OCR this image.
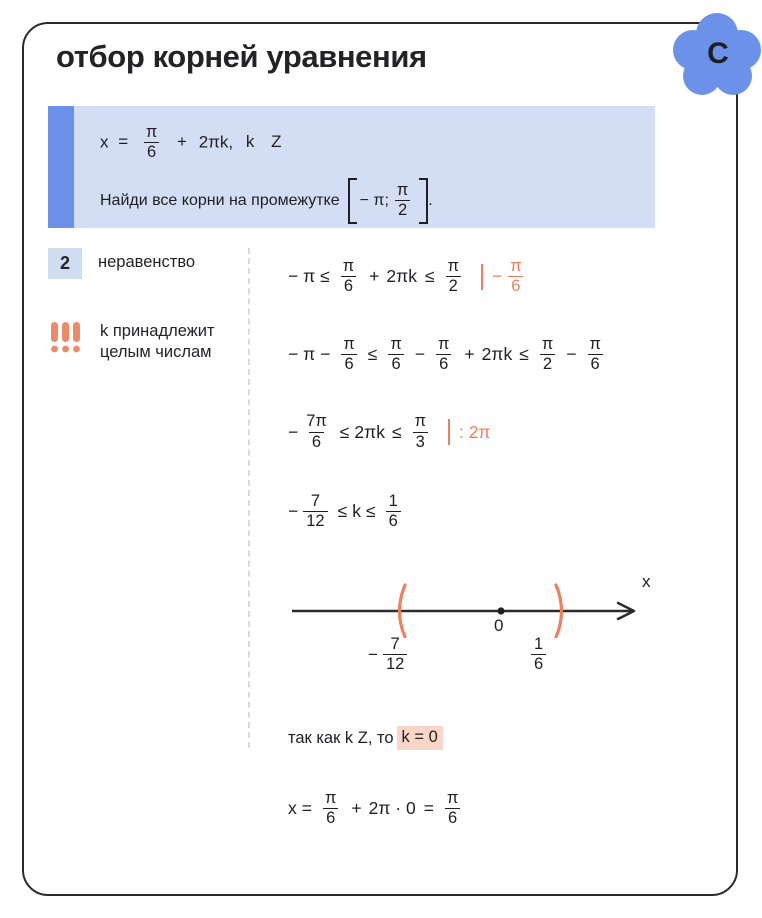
C
отбор корней уравнения
$x = \frac{\pi}{6} + 2\pi k$, k Z
Найди все корни на промежутке − π; $\frac{\pi}{2}$ .
2	неравенство
k принадлежит
целым числам
− $\pi \le \frac{\pi}{6} + 2\pi k \le \frac{\pi}{2} - \frac{\pi}{6}$
− $\pi - \frac{\pi}{6} \le \frac{\pi}{6} - \frac{\pi}{6} + 2\pi k \le \frac{\pi}{2} - \frac{\pi}{6}$
− $\frac{7\pi}{6} \le 2\pi k \le \frac{\pi}{3}$ : 2π
− $\frac{7}{12} \le k \le \frac{1}{6}$
x
0
− $\frac{7}{12}$	$\frac{1}{6}$
так как k Z, то k = 0
$x = \frac{\pi}{6} + 2\pi \cdot 0 = \frac{\pi}{6}$
